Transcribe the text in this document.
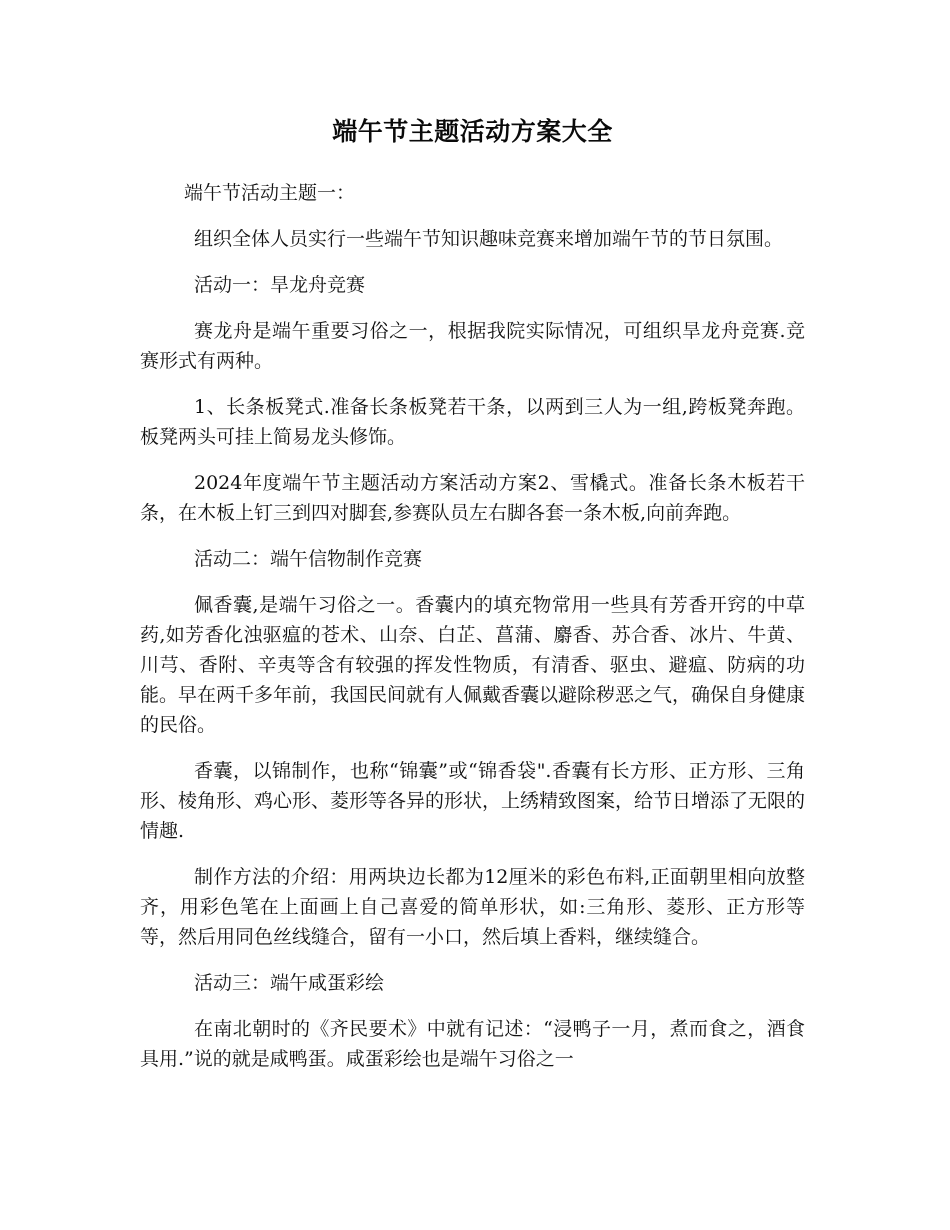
端午节主题活动方案大全

端午节活动主题一：

组织全体人员实行一些端午节知识趣味竞赛来增加端午节的节日氛围。

活动一：旱龙舟竞赛

赛龙舟是端午重要习俗之一，根据我院实际情况，可组织旱龙舟竞赛.竞赛形式有两种。

1、长条板凳式.准备长条板凳若干条，以两到三人为一组,跨板凳奔跑。板凳两头可挂上简易龙头修饰。

2024年度端午节主题活动方案活动方案2、雪橇式。准备长条木板若干条，在木板上钉三到四对脚套,参赛队员左右脚各套一条木板,向前奔跑。

活动二：端午信物制作竞赛

佩香囊,是端午习俗之一。香囊内的填充物常用一些具有芳香开窍的中草药,如芳香化浊驱瘟的苍术、山奈、白芷、菖蒲、麝香、苏合香、冰片、牛黄、川芎、香附、辛夷等含有较强的挥发性物质，有清香、驱虫、避瘟、防病的功能。早在两千多年前，我国民间就有人佩戴香囊以避除秽恶之气，确保自身健康的民俗。

香囊，以锦制作，也称“锦囊”或“锦香袋".香囊有长方形、正方形、三角形、棱角形、鸡心形、菱形等各异的形状，上绣精致图案，给节日增添了无限的情趣.

制作方法的介绍：用两块边长都为12厘米的彩色布料,正面朝里相向放整齐，用彩色笔在上面画上自己喜爱的简单形状，如:三角形、菱形、正方形等等，然后用同色丝线缝合，留有一小口，然后填上香料，继续缝合。

活动三：端午咸蛋彩绘

在南北朝时的《齐民要术》中就有记述：“浸鸭子一月，煮而食之，酒食具用.”说的就是咸鸭蛋。咸蛋彩绘也是端午习俗之一
